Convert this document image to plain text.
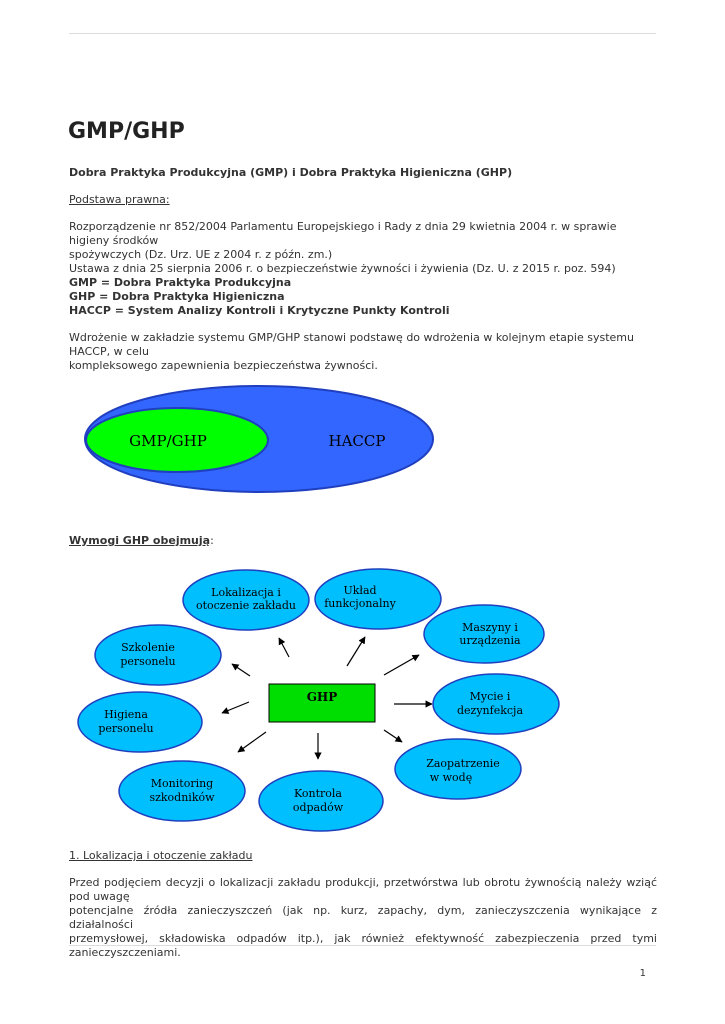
GMP/GHP

Dobra Praktyka Produkcyjna (GMP) i Dobra Praktyka Higieniczna (GHP)

Podstawa prawna:

Rozporządzenie nr 852/2004 Parlamentu Europejskiego i Rady z dnia 29 kwietnia 2004 r. w sprawie higieny środków
spożywczych (Dz. Urz. UE z 2004 r. z późn. zm.)
Ustawa z dnia 25 sierpnia 2006 r. o bezpieczeństwie żywności i żywienia (Dz. U. z 2015 r. poz. 594)
GMP = Dobra Praktyka Produkcyjna
GHP = Dobra Praktyka Higieniczna
HACCP = System Analizy Kontroli i Krytyczne Punkty Kontroli
Wdrożenie w zakładzie systemu GMP/GHP stanowi podstawę do wdrożenia w kolejnym etapie systemu HACCP, w celu
kompleksowego zapewnienia bezpieczeństwa żywności.
GMP/GHP	HACCP

Wymogi GHP obejmują:

GHP
Lokalizacja i
otoczenie zakładu
Układ
funkcjonalny
Maszyny i
urządzenia
Szkolenie
personelu
Mycie i
dezynfekcja
Higiena
personelu
Zaopatrzenie
w wodę
Monitoring
szkodników	Kontrola
odpadów

1. Lokalizacja i otoczenie zakładu

Przed podjęciem decyzji o lokalizacji zakładu produkcji, przetwórstwa lub obrotu żywnością należy wziąć pod uwagę
potencjalne źródła zanieczyszczeń (jak np. kurz, zapachy, dym, zanieczyszczenia wynikające z działalności
przemysłowej, składowiska odpadów itp.), jak również efektywność zabezpieczenia przed tymi zanieczyszczeniami.
1
